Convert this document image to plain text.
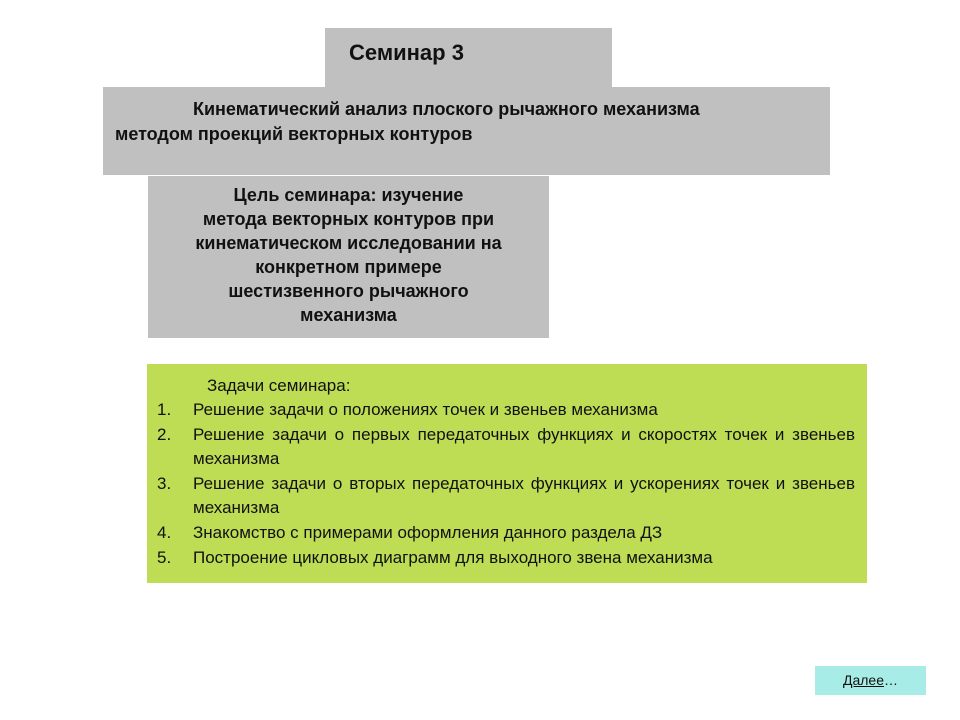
Семинар 3
Кинематический анализ плоского рычажного механизма
методом проекций векторных контуров
Цель семинара: изучение
метода векторных контуров при
кинематическом исследовании на
конкретном примере
шестизвенного рычажного
механизма
Задачи семинара:
1. Решение задачи о положениях точек и звеньев механизма
2. Решение задачи о первых передаточных функциях и скоростях точек и звеньев механизма
3. Решение задачи о вторых передаточных функциях и ускорениях точек и звеньев механизма
4. Знакомство с примерами оформления данного раздела ДЗ
5. Построение цикловых диаграмм для выходного звена механизма
Далее…
